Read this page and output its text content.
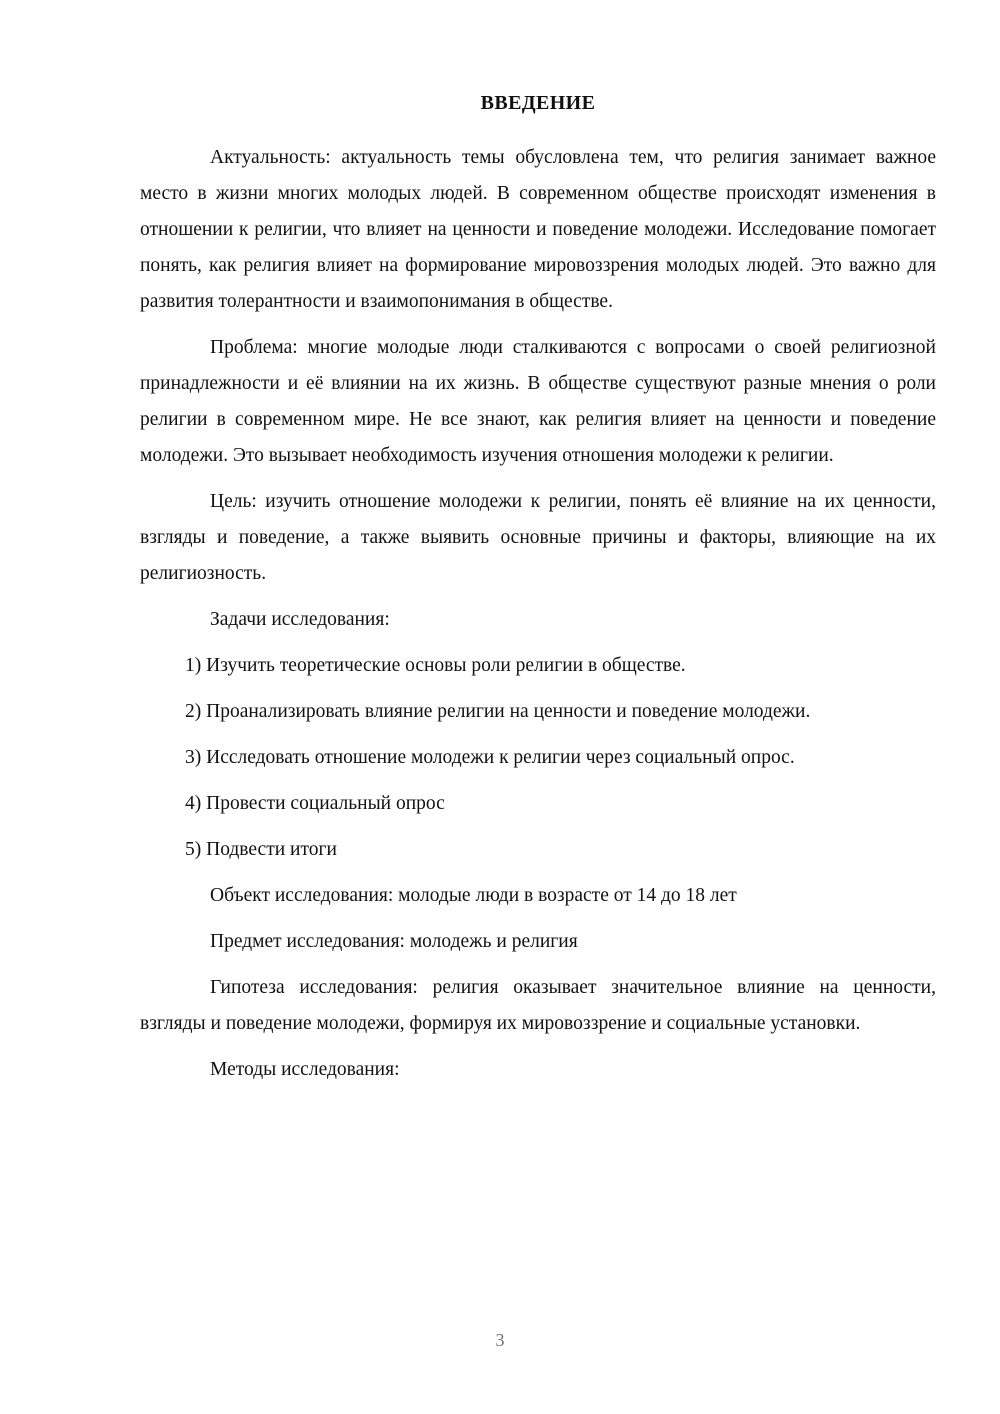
ВВЕДЕНИЕ

Актуальность: актуальность темы обусловлена тем, что религия занимает важное место в жизни многих молодых людей. В современном обществе происходят изменения в отношении к религии, что влияет на ценности и поведение молодежи. Исследование помогает понять, как религия влияет на формирование мировоззрения молодых людей. Это важно для развития толерантности и взаимопонимания в обществе.

Проблема: многие молодые люди сталкиваются с вопросами о своей религиозной принадлежности и её влиянии на их жизнь. В обществе существуют разные мнения о роли религии в современном мире. Не все знают, как религия влияет на ценности и поведение молодежи. Это вызывает необходимость изучения отношения молодежи к религии.

Цель: изучить отношение молодежи к религии, понять её влияние на их ценности, взгляды и поведение, а также выявить основные причины и факторы, влияющие на их религиозность.

Задачи исследования:

1) Изучить теоретические основы роли религии в обществе.

2) Проанализировать влияние религии на ценности и поведение молодежи.

3) Исследовать отношение молодежи к религии через социальный опрос.

4) Провести социальный опрос

5) Подвести итоги

Объект исследования: молодые люди в возрасте от 14 до 18 лет

Предмет исследования: молодежь и религия

Гипотеза исследования: религия оказывает значительное влияние на ценности, взгляды и поведение молодежи, формируя их мировоззрение и социальные установки.

Методы исследования:

3
